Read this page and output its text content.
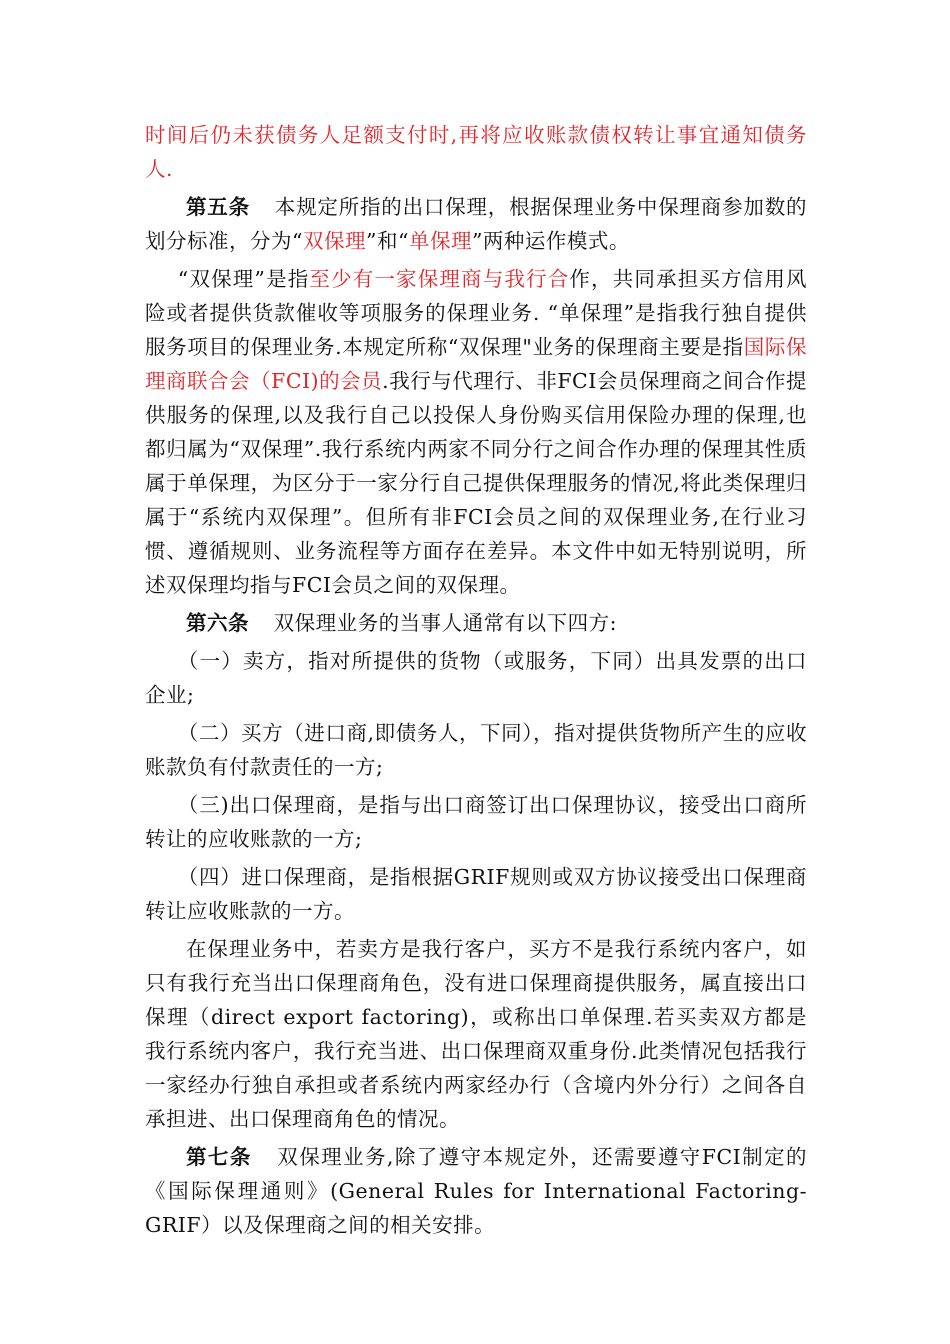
时间后仍未获债务人足额支付时,再将应收账款债权转让事宜通知债务人.

第五条 本规定所指的出口保理，根据保理业务中保理商参加数的划分标准，分为“双保理”和“单保理”两种运作模式。

“双保理”是指至少有一家保理商与我行合作，共同承担买方信用风险或者提供货款催收等项服务的保理业务. “单保理”是指我行独自提供服务项目的保理业务.本规定所称“双保理"业务的保理商主要是指国际保理商联合会（FCI)的会员.我行与代理行、非FCI会员保理商之间合作提供服务的保理,以及我行自己以投保人身份购买信用保险办理的保理,也都归属为“双保理”.我行系统内两家不同分行之间合作办理的保理其性质属于单保理，为区分于一家分行自己提供保理服务的情况,将此类保理归属于“系统内双保理”。但所有非FCI会员之间的双保理业务,在行业习惯、遵循规则、业务流程等方面存在差异。本文件中如无特别说明，所述双保理均指与FCI会员之间的双保理。

第六条 双保理业务的当事人通常有以下四方:

（一）卖方，指对所提供的货物（或服务，下同）出具发票的出口企业;

（二）买方（进口商,即债务人，下同），指对提供货物所产生的应收账款负有付款责任的一方;

（三)出口保理商，是指与出口商签订出口保理协议，接受出口商所转让的应收账款的一方;

（四）进口保理商，是指根据GRIF规则或双方协议接受出口保理商转让应收账款的一方。

在保理业务中，若卖方是我行客户，买方不是我行系统内客户，如只有我行充当出口保理商角色，没有进口保理商提供服务，属直接出口保理（direct export factoring)，或称出口单保理.若买卖双方都是我行系统内客户，我行充当进、出口保理商双重身份.此类情况包括我行一家经办行独自承担或者系统内两家经办行（含境内外分行）之间各自承担进、出口保理商角色的情况。

第七条 双保理业务,除了遵守本规定外，还需要遵守FCI制定的《国际保理通则》(General Rules for International Factoring-GRIF）以及保理商之间的相关安排。
